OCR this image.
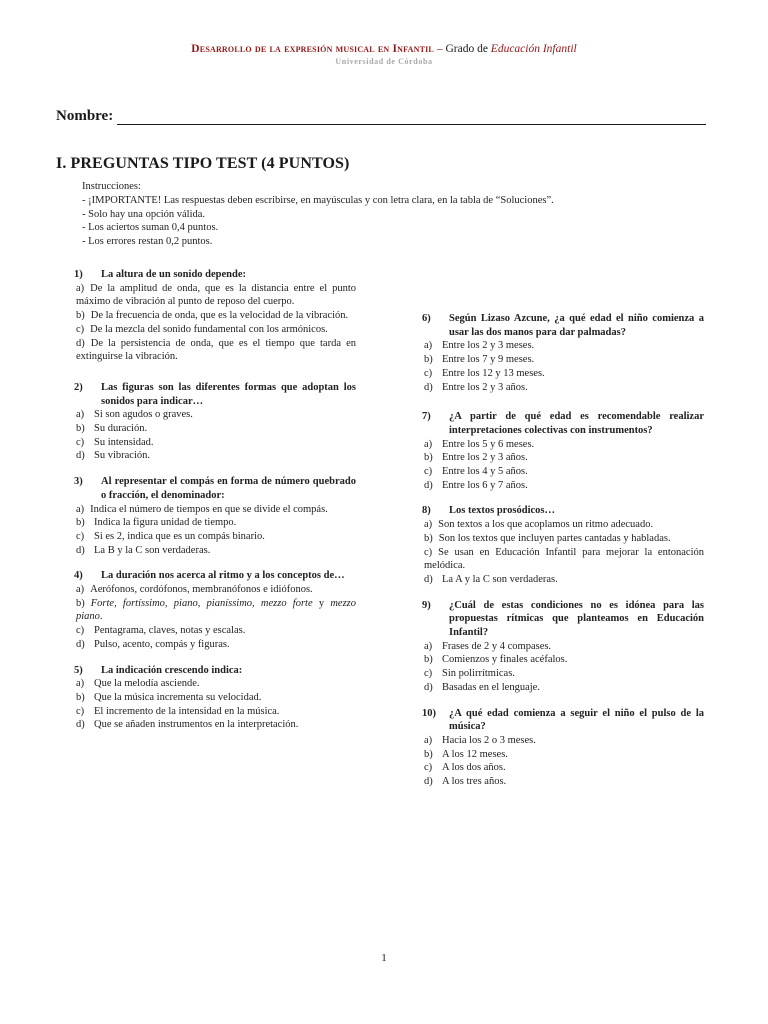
Desarrollo de la expresión musical en Infantil – Grado de Educación Infantil
Universidad de Córdoba
Nombre:
I. PREGUNTAS TIPO TEST (4 PUNTOS)
Instrucciones:
- ¡IMPORTANTE! Las respuestas deben escribirse, en mayúsculas y con letra clara, en la tabla de “Soluciones”.
- Solo hay una opción válida.
- Los aciertos suman 0,4 puntos.
- Los errores restan 0,2 puntos.
1)	La altura de un sonido depende:
a) De la amplitud de onda, que es la distancia entre el punto máximo de vibración al punto de reposo del cuerpo.
b) De la frecuencia de onda, que es la velocidad de la vibración.
c) De la mezcla del sonido fundamental con los armónicos.
d) De la persistencia de onda, que es el tiempo que tarda en extinguirse la vibración.
2)	Las figuras son las diferentes formas que adoptan los sonidos para indicar…
a) Si son agudos o graves.
b) Su duración.
c) Su intensidad.
d) Su vibración.
3)	Al representar el compás en forma de número quebrado o fracción, el denominador:
a) Indica el número de tiempos en que se divide el compás.
b) Indica la figura unidad de tiempo.
c) Si es 2, indica que es un compás binario.
d) La B y la C son verdaderas.
4)	La duración nos acerca al ritmo y a los conceptos de…
a) Aerófonos, cordófonos, membranófonos e idiófonos.
b) Forte, fortíssimo, piano, pianíssimo, mezzo forte y mezzo piano.
c) Pentagrama, claves, notas y escalas.
d) Pulso, acento, compás y figuras.
5)	La indicación crescendo indica:
a) Que la melodía asciende.
b) Que la música incrementa su velocidad.
c) El incremento de la intensidad en la música.
d) Que se añaden instrumentos en la interpretación.
6)	Según Lizaso Azcune, ¿a qué edad el niño comienza a usar las dos manos para dar palmadas?
a) Entre los 2 y 3 meses.
b) Entre los 7 y 9 meses.
c) Entre los 12 y 13 meses.
d) Entre los 2 y 3 años.
7)	¿A partir de qué edad es recomendable realizar interpretaciones colectivas con instrumentos?
a) Entre los 5 y 6 meses.
b) Entre los 2 y 3 años.
c) Entre los 4 y 5 años.
d) Entre los 6 y 7 años.
8)	Los textos prosódicos…
a) Son textos a los que acoplamos un ritmo adecuado.
b) Son los textos que incluyen partes cantadas y habladas.
c) Se usan en Educación Infantil para mejorar la entonación melódica.
d) La A y la C son verdaderas.
9)	¿Cuál de estas condiciones no es idónea para las propuestas rítmicas que planteamos en Educación Infantil?
a) Frases de 2 y 4 compases.
b) Comienzos y finales acéfalos.
c) Sin polirrítmicas.
d) Basadas en el lenguaje.
10)	¿A qué edad comienza a seguir el niño el pulso de la música?
a) Hacia los 2 o 3 meses.
b) A los 12 meses.
c) A los dos años.
d) A los tres años.
1
